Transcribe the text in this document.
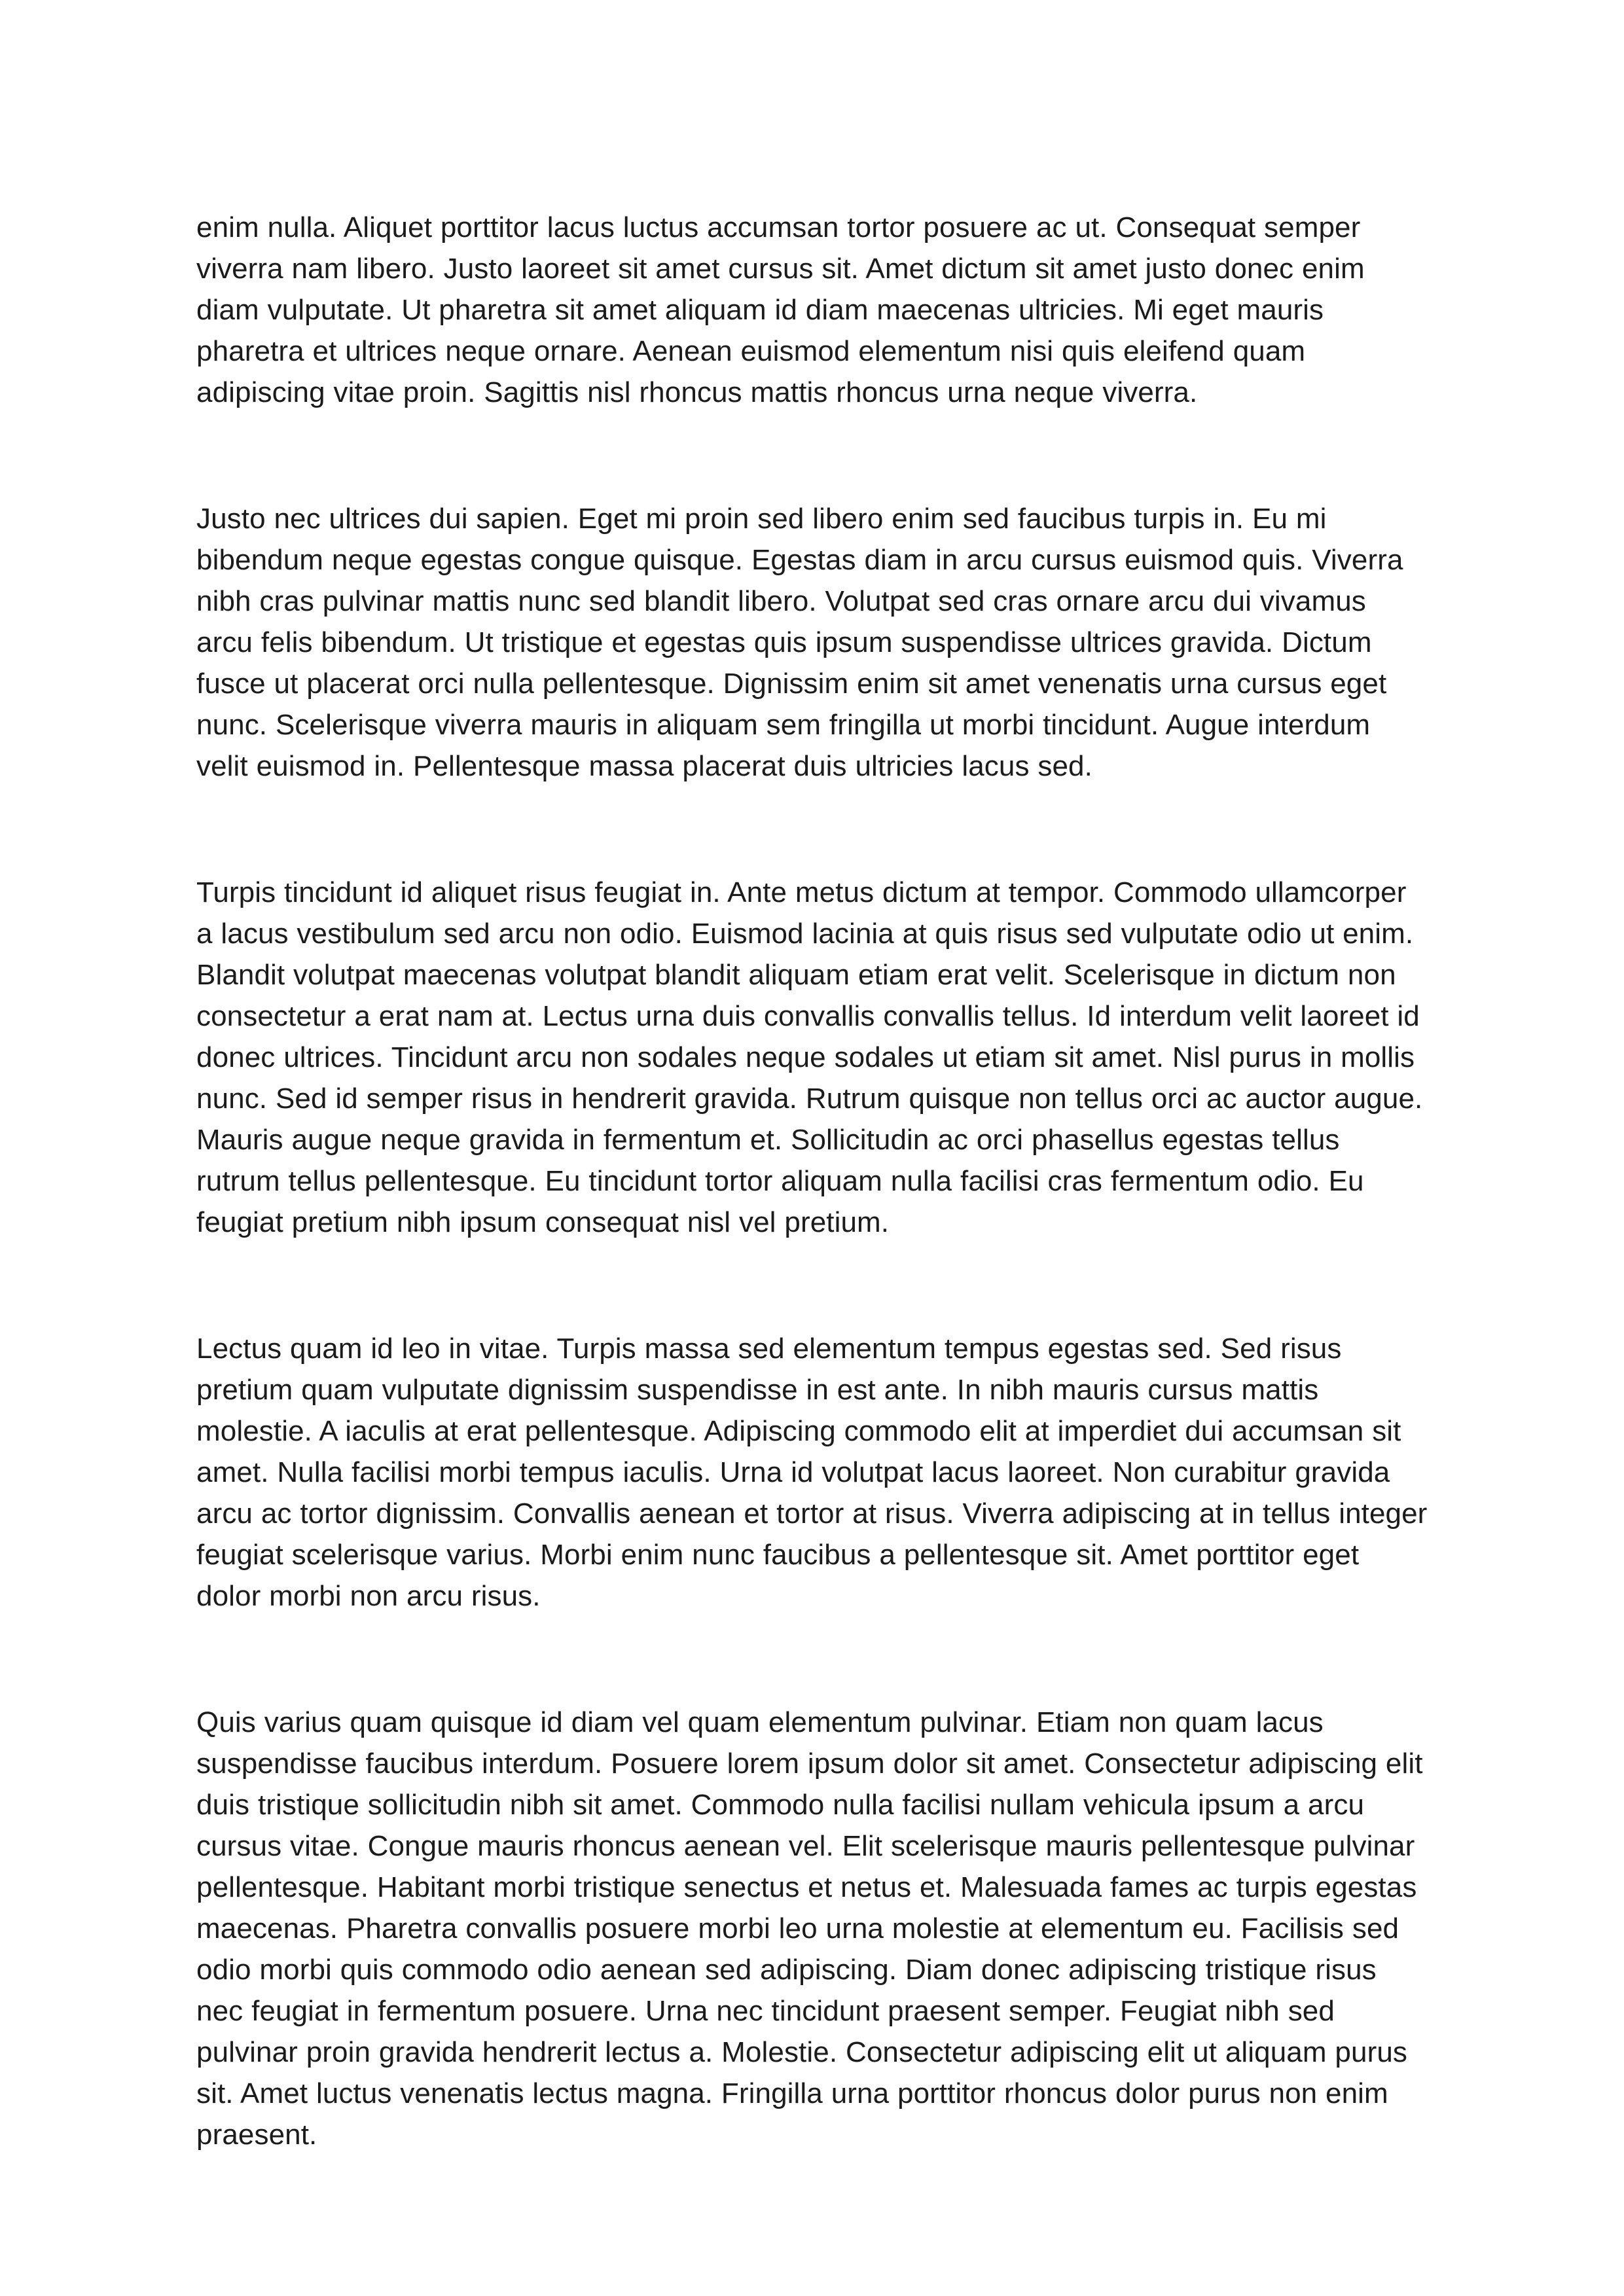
enim nulla. Aliquet porttitor lacus luctus accumsan tortor posuere ac ut. Consequat semper viverra nam libero. Justo laoreet sit amet cursus sit. Amet dictum sit amet justo donec enim diam vulputate. Ut pharetra sit amet aliquam id diam maecenas ultricies. Mi eget mauris pharetra et ultrices neque ornare. Aenean euismod elementum nisi quis eleifend quam adipiscing vitae proin. Sagittis nisl rhoncus mattis rhoncus urna neque viverra.

Justo nec ultrices dui sapien. Eget mi proin sed libero enim sed faucibus turpis in. Eu mi bibendum neque egestas congue quisque. Egestas diam in arcu cursus euismod quis. Viverra nibh cras pulvinar mattis nunc sed blandit libero. Volutpat sed cras ornare arcu dui vivamus arcu felis bibendum. Ut tristique et egestas quis ipsum suspendisse ultrices gravida. Dictum fusce ut placerat orci nulla pellentesque. Dignissim enim sit amet venenatis urna cursus eget nunc. Scelerisque viverra mauris in aliquam sem fringilla ut morbi tincidunt. Augue interdum velit euismod in. Pellentesque massa placerat duis ultricies lacus sed.

Turpis tincidunt id aliquet risus feugiat in. Ante metus dictum at tempor. Commodo ullamcorper a lacus vestibulum sed arcu non odio. Euismod lacinia at quis risus sed vulputate odio ut enim. Blandit volutpat maecenas volutpat blandit aliquam etiam erat velit. Scelerisque in dictum non consectetur a erat nam at. Lectus urna duis convallis convallis tellus. Id interdum velit laoreet id donec ultrices. Tincidunt arcu non sodales neque sodales ut etiam sit amet. Nisl purus in mollis nunc. Sed id semper risus in hendrerit gravida. Rutrum quisque non tellus orci ac auctor augue. Mauris augue neque gravida in fermentum et. Sollicitudin ac orci phasellus egestas tellus rutrum tellus pellentesque. Eu tincidunt tortor aliquam nulla facilisi cras fermentum odio. Eu feugiat pretium nibh ipsum consequat nisl vel pretium.

Lectus quam id leo in vitae. Turpis massa sed elementum tempus egestas sed. Sed risus pretium quam vulputate dignissim suspendisse in est ante. In nibh mauris cursus mattis molestie. A iaculis at erat pellentesque. Adipiscing commodo elit at imperdiet dui accumsan sit amet. Nulla facilisi morbi tempus iaculis. Urna id volutpat lacus laoreet. Non curabitur gravida arcu ac tortor dignissim. Convallis aenean et tortor at risus. Viverra adipiscing at in tellus integer feugiat scelerisque varius. Morbi enim nunc faucibus a pellentesque sit. Amet porttitor eget dolor morbi non arcu risus.

Quis varius quam quisque id diam vel quam elementum pulvinar. Etiam non quam lacus suspendisse faucibus interdum. Posuere lorem ipsum dolor sit amet. Consectetur adipiscing elit duis tristique sollicitudin nibh sit amet. Commodo nulla facilisi nullam vehicula ipsum a arcu cursus vitae. Congue mauris rhoncus aenean vel. Elit scelerisque mauris pellentesque pulvinar pellentesque. Habitant morbi tristique senectus et netus et. Malesuada fames ac turpis egestas maecenas. Pharetra convallis posuere morbi leo urna molestie at elementum eu. Facilisis sed odio morbi quis commodo odio aenean sed adipiscing. Diam donec adipiscing tristique risus nec feugiat in fermentum posuere. Urna nec tincidunt praesent semper. Feugiat nibh sed pulvinar proin gravida hendrerit lectus a. Molestie. Consectetur adipiscing elit ut aliquam purus sit. Amet luctus venenatis lectus magna. Fringilla urna porttitor rhoncus dolor purus non enim praesent.
